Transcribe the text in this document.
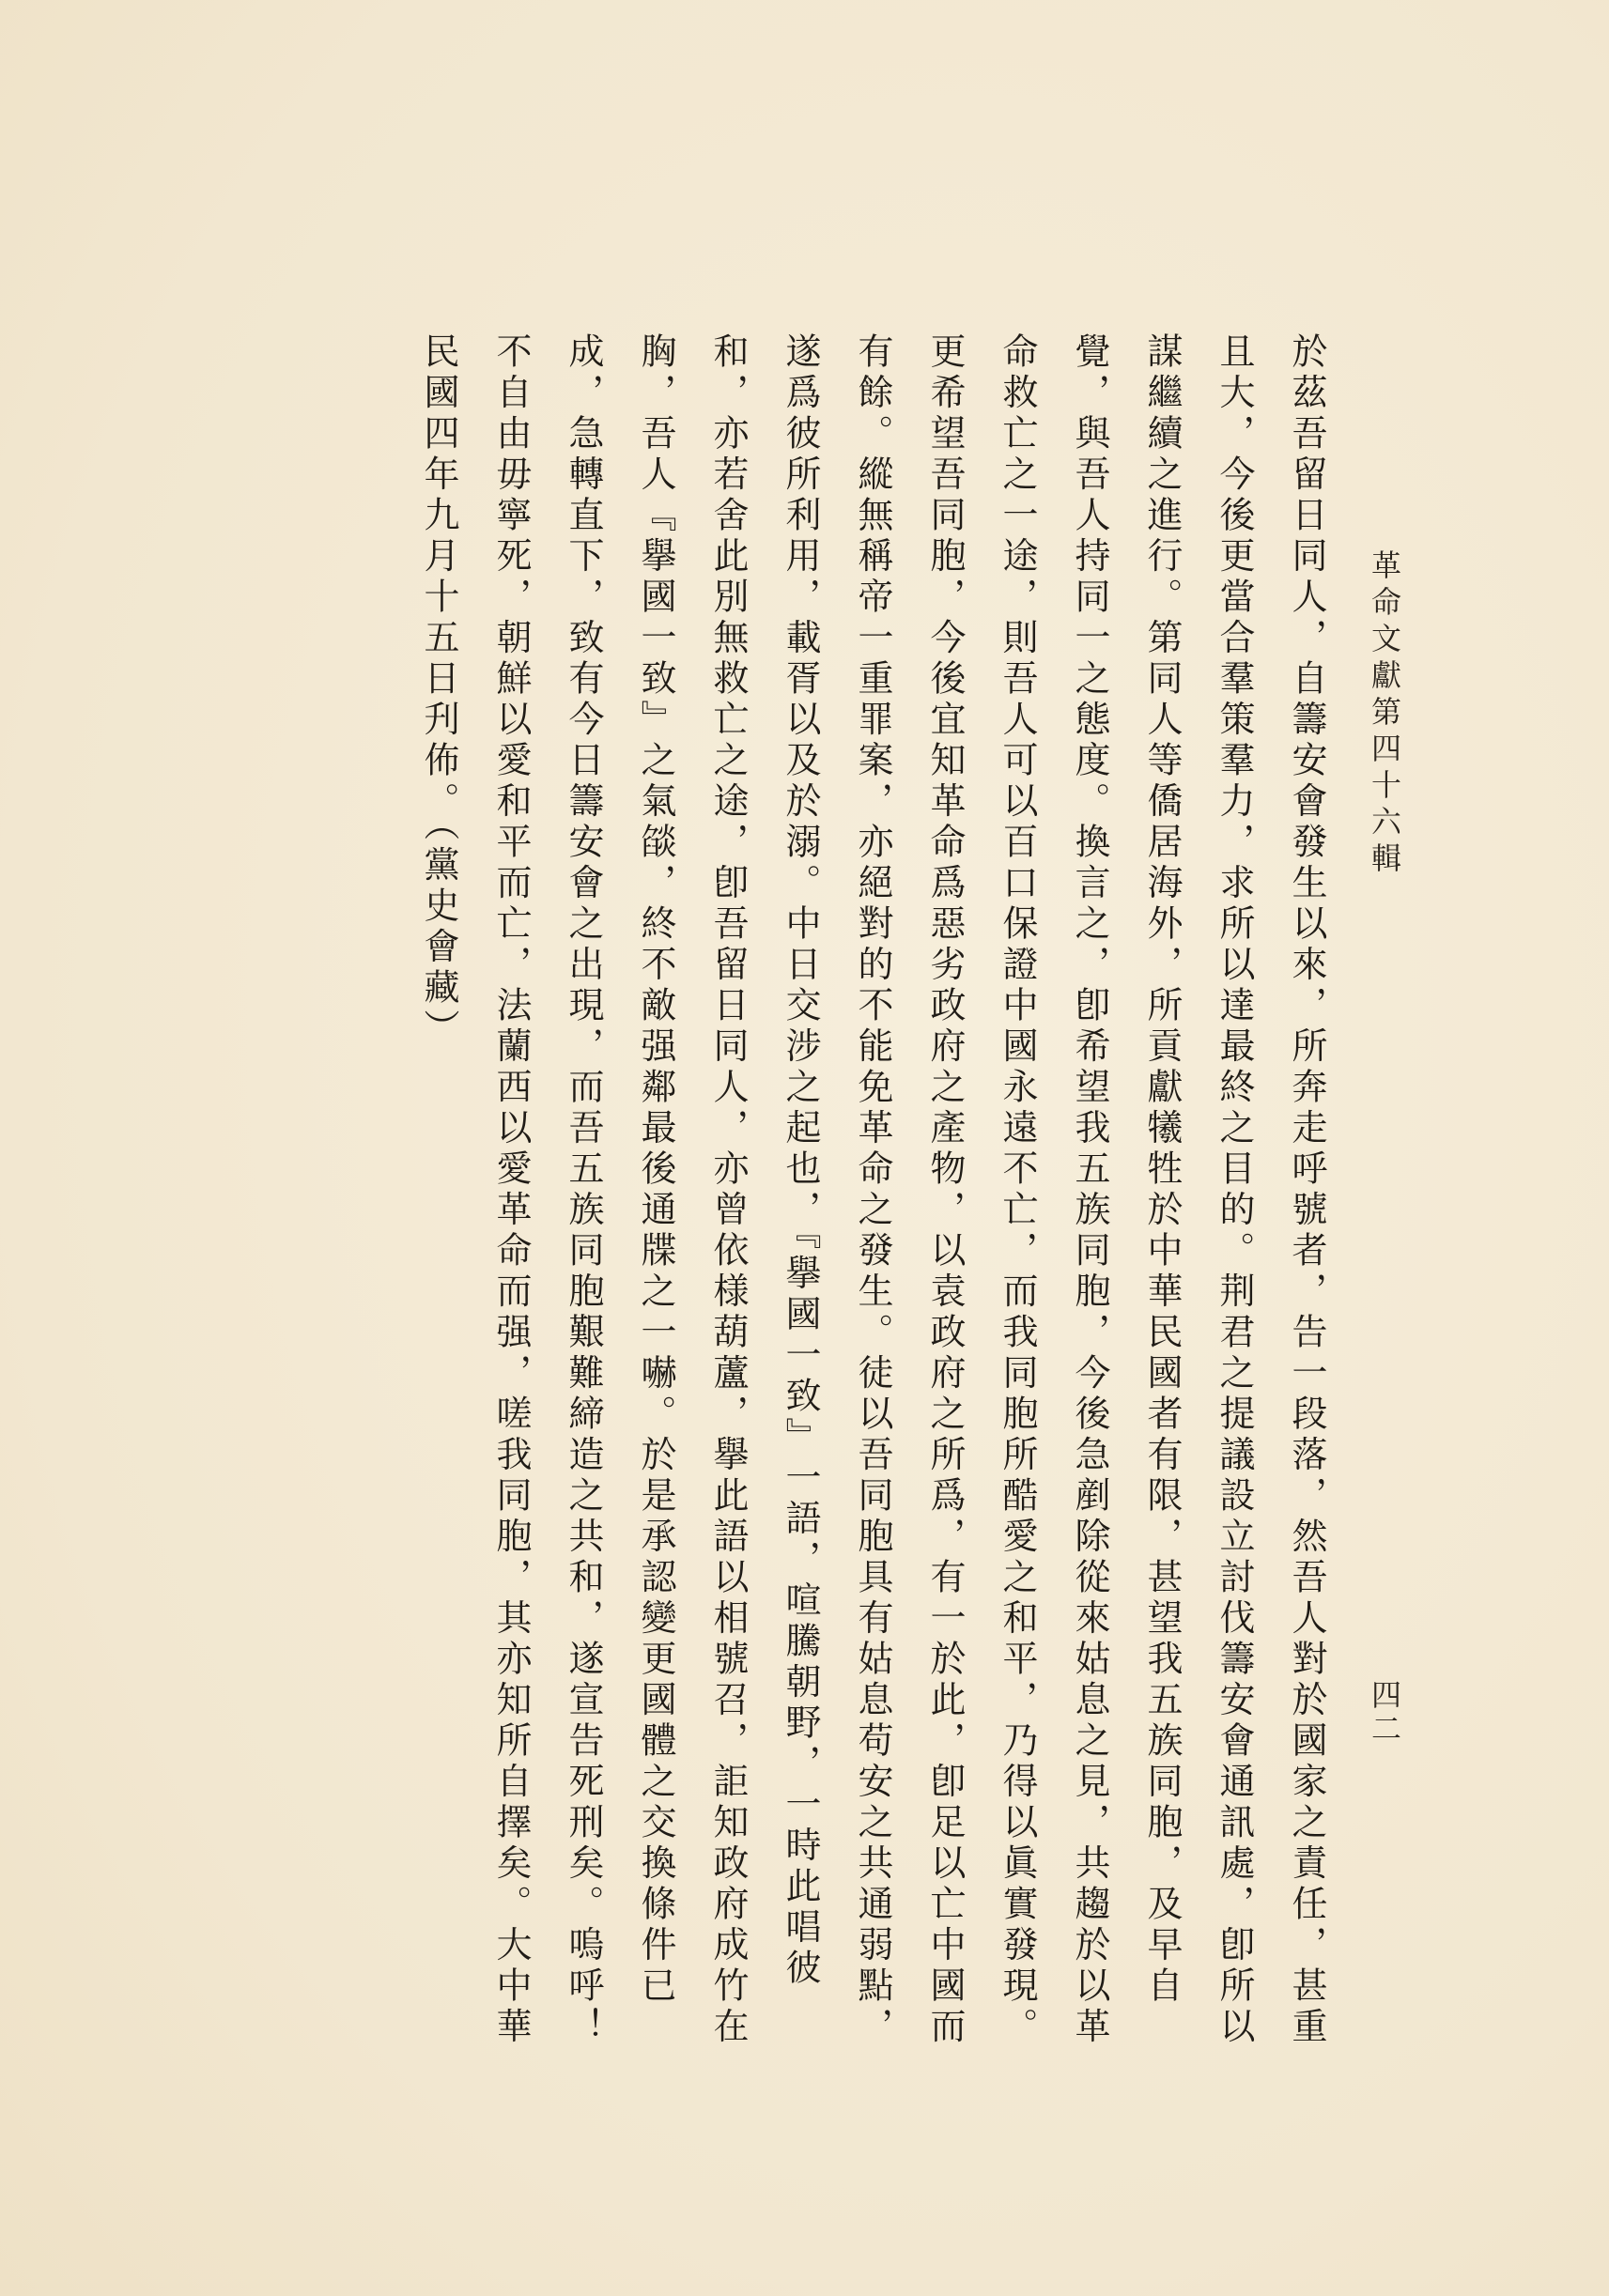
革命文獻第四十六輯
四二
於茲吾留日同人，自籌安會發生以來，所奔走呼號者，告一段落，然吾人對於國家之責任，甚重
且大，今後更當合羣策羣力，求所以達最終之目的。荆君之提議設立討伐籌安會通訊處，卽所以
謀繼續之進行。第同人等僑居海外，所貢獻犧牲於中華民國者有限，甚望我五族同胞，及早自
覺，與吾人持同一之態度。換言之，卽希望我五族同胞，今後急剷除從來姑息之見，共趨於以革
命救亡之一途，則吾人可以百口保證中國永遠不亡，而我同胞所酷愛之和平，乃得以眞實發現。
更希望吾同胞，今後宜知革命爲惡劣政府之產物，以袁政府之所爲，有一於此，卽足以亡中國而
有餘。縱無稱帝一重罪案，亦絕對的不能免革命之發生。徒以吾同胞具有姑息苟安之共通弱點，
遂爲彼所利用，載胥以及於溺。中日交涉之起也，『擧國一致』一語，喧騰朝野，一時此唱彼
和，亦若舍此別無救亡之途，卽吾留日同人，亦曾依様葫蘆，擧此語以相號召，詎知政府成竹在
胸，吾人『擧國一致』之氣燄，終不敵强鄰最後通牒之一嚇。於是承認變更國體之交換條件已
成，急轉直下，致有今日籌安會之出現，而吾五族同胞艱難締造之共和，遂宣告死刑矣。嗚呼！
不自由毋寧死，朝鮮以愛和平而亡，法蘭西以愛革命而强，嗟我同胞，其亦知所自擇矣。大中華
民國四年九月十五日刋佈。（黨史會藏）
